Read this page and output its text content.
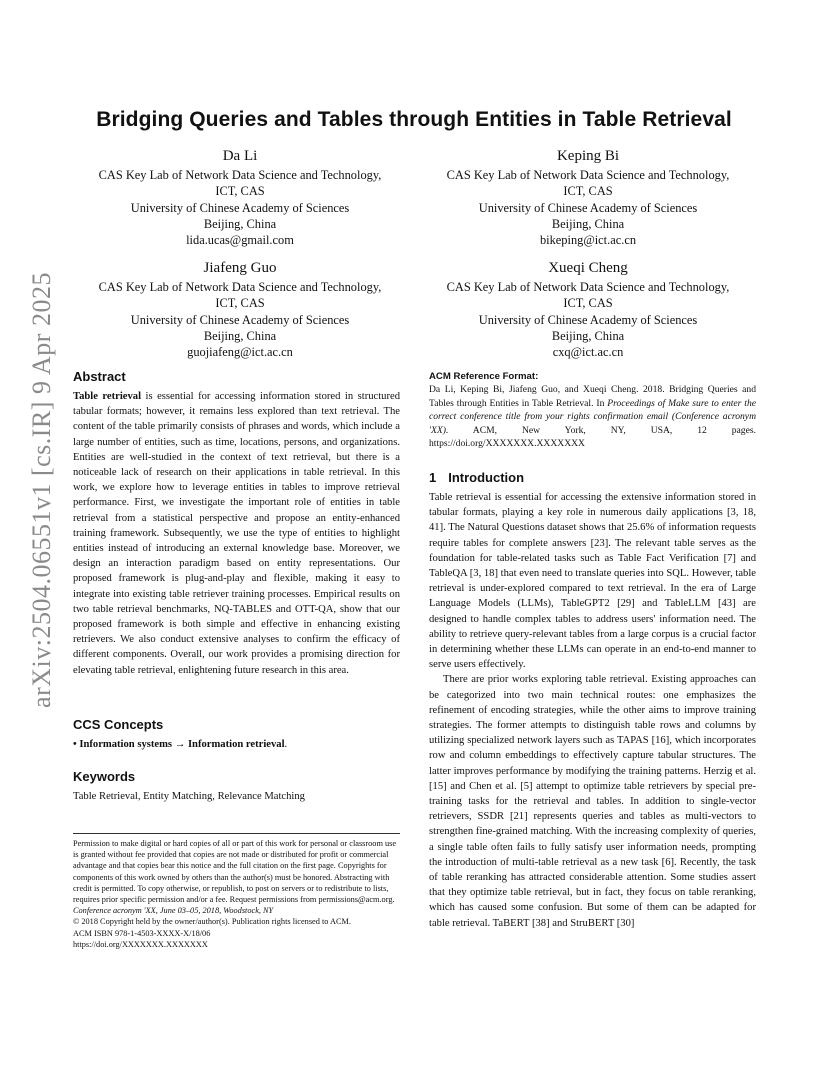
arXiv:2504.06551v1 [cs.IR] 9 Apr 2025
Bridging Queries and Tables through Entities in Table Retrieval
Da Li
CAS Key Lab of Network Data Science and Technology,
ICT, CAS
University of Chinese Academy of Sciences
Beijing, China
lida.ucas@gmail.com
Keping Bi
CAS Key Lab of Network Data Science and Technology,
ICT, CAS
University of Chinese Academy of Sciences
Beijing, China
bikeping@ict.ac.cn
Jiafeng Guo
CAS Key Lab of Network Data Science and Technology,
ICT, CAS
University of Chinese Academy of Sciences
Beijing, China
guojiafeng@ict.ac.cn
Xueqi Cheng
CAS Key Lab of Network Data Science and Technology,
ICT, CAS
University of Chinese Academy of Sciences
Beijing, China
cxq@ict.ac.cn
Abstract

Table retrieval is essential for accessing information stored in structured tabular formats; however, it remains less explored than text retrieval. The content of the table primarily consists of phrases and words, which include a large number of entities, such as time, locations, persons, and organizations. Entities are well-studied in the context of text retrieval, but there is a noticeable lack of research on their applications in table retrieval. In this work, we explore how to leverage entities in tables to improve retrieval performance. First, we investigate the important role of entities in table retrieval from a statistical perspective and propose an entity-enhanced training framework. Subsequently, we use the type of entities to highlight entities instead of introducing an external knowledge base. Moreover, we design an interaction paradigm based on entity representations. Our proposed framework is plug-and-play and flexible, making it easy to integrate into existing table retriever training processes. Empirical results on two table retrieval benchmarks, NQ-TABLES and OTT-QA, show that our proposed framework is both simple and effective in enhancing existing retrievers. We also conduct extensive analyses to confirm the efficacy of different components. Overall, our work provides a promising direction for elevating table retrieval, enlightening future research in this area.

CCS Concepts

• Information systems → Information retrieval.

Keywords

Table Retrieval, Entity Matching, Relevance Matching

Permission to make digital or hard copies of all or part of this work for personal or classroom use is granted without fee provided that copies are not made or distributed for profit or commercial advantage and that copies bear this notice and the full citation on the first page. Copyrights for components of this work owned by others than the author(s) must be honored. Abstracting with credit is permitted. To copy otherwise, or republish, to post on servers or to redistribute to lists, requires prior specific permission and/or a fee. Request permissions from permissions@acm.org.
Conference acronym 'XX, June 03–05, 2018, Woodstock, NY
© 2018 Copyright held by the owner/author(s). Publication rights licensed to ACM.
ACM ISBN 978-1-4503-XXXX-X/18/06
https://doi.org/XXXXXXX.XXXXXXX
ACM Reference Format:

Da Li, Keping Bi, Jiafeng Guo, and Xueqi Cheng. 2018. Bridging Queries and Tables through Entities in Table Retrieval. In Proceedings of Make sure to enter the correct conference title from your rights confirmation email (Conference acronym 'XX). ACM, New York, NY, USA, 12 pages. https://doi.org/XXXXXXX.XXXXXXX

1 Introduction

Table retrieval is essential for accessing the extensive information stored in tabular formats, playing a key role in numerous daily applications [3, 18, 41]. The Natural Questions dataset shows that 25.6% of information requests require tables for complete answers [23]. The relevant table serves as the foundation for table-related tasks such as Table Fact Verification [7] and TableQA [3, 18] that even need to translate queries into SQL. However, table retrieval is under-explored compared to text retrieval. In the era of Large Language Models (LLMs), TableGPT2 [29] and TableLLM [43] are designed to handle complex tables to address users' information need. The ability to retrieve query-relevant tables from a large corpus is a crucial factor in determining whether these LLMs can operate in an end-to-end manner to serve users effectively.

There are prior works exploring table retrieval. Existing approaches can be categorized into two main technical routes: one emphasizes the refinement of encoding strategies, while the other aims to improve training strategies. The former attempts to distinguish table rows and columns by utilizing specialized network layers such as TAPAS [16], which incorporates row and column embeddings to effectively capture tabular structures. The latter improves performance by modifying the training patterns. Herzig et al. [15] and Chen et al. [5] attempt to optimize table retrievers by special pre-training tasks for the retrieval and tables. In addition to single-vector retrievers, SSDR [21] represents queries and tables as multi-vectors to strengthen fine-grained matching. With the increasing complexity of queries, a single table often fails to fully satisfy user information needs, prompting the introduction of multi-table retrieval as a new task [6]. Recently, the task of table reranking has attracted considerable attention. Some studies assert that they optimize table retrieval, but in fact, they focus on table reranking, which has caused some confusion. But some of them can be adapted for table retrieval. TaBERT [38] and StruBERT [30]
